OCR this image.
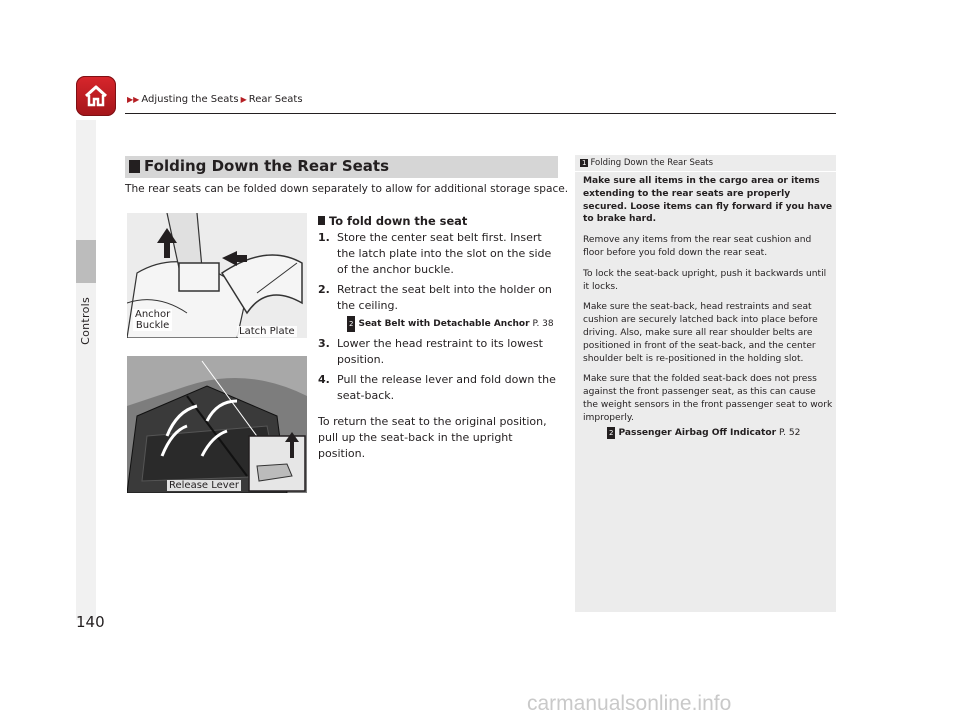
▶▶ Adjusting the Seats ▶ Rear Seats
Controls
140
Folding Down the Rear Seats
The rear seats can be folded down separately to allow for additional storage space.
Anchor
Buckle
Latch Plate
Release Lever
To fold down the seat
1. Store the center seat belt first. Insert the latch plate into the slot on the side of the anchor buckle.
2. Retract the seat belt into the holder on the ceiling.
2 Seat Belt with Detachable Anchor P. 38
3. Lower the head restraint to its lowest position.
4. Pull the release lever and fold down the seat-back.
To return the seat to the original position, pull up the seat-back in the upright position.
1 Folding Down the Rear Seats

Make sure all items in the cargo area or items extending to the rear seats are properly secured. Loose items can fly forward if you have to brake hard.

Remove any items from the rear seat cushion and floor before you fold down the rear seat.

To lock the seat-back upright, push it backwards until it locks.

Make sure the seat-back, head restraints and seat cushion are securely latched back into place before driving. Also, make sure all rear shoulder belts are positioned in front of the seat-back, and the center shoulder belt is re-positioned in the holding slot.

Make sure that the folded seat-back does not press against the front passenger seat, as this can cause the weight sensors in the front passenger seat to work improperly.

2 Passenger Airbag Off Indicator P. 52
carmanualsonline.info
